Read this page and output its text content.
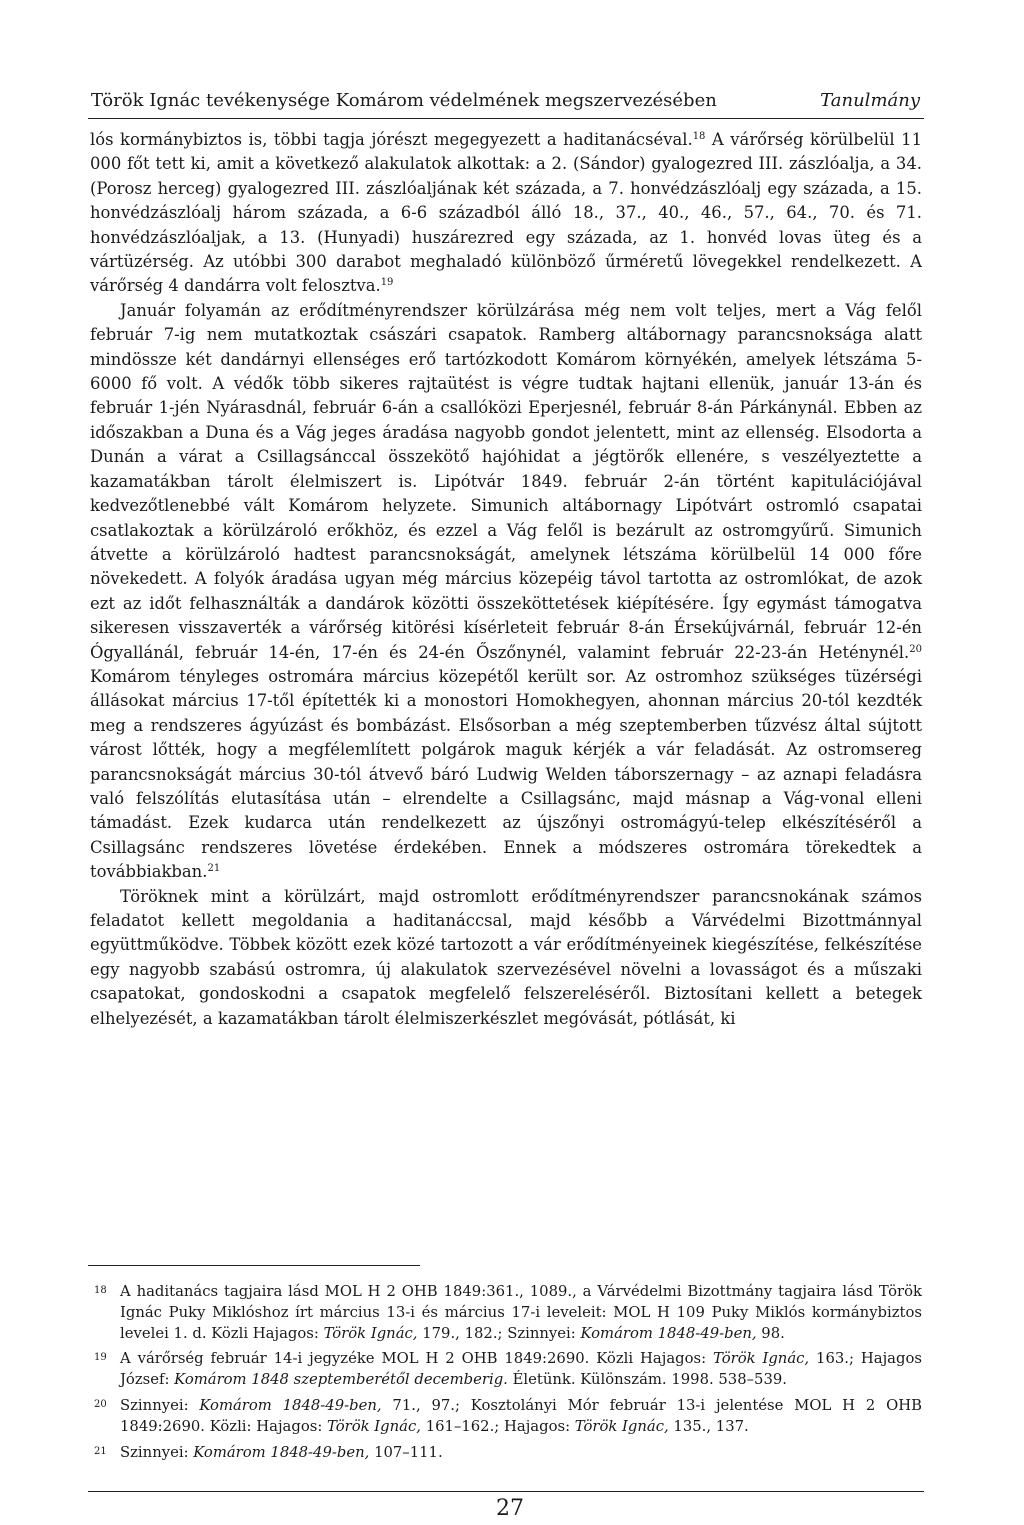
Török Ignác tevékenysége Komárom védelmének megszervezésében	Tanulmány

lós kormánybiztos is, többi tagja jórészt megegyezett a haditanácséval.$^{18}$ A várőrség körülbelül 11 000 főt tett ki, amit a következő alakulatok alkottak: a 2. (Sándor) gyalogezred III. zászlóalja, a 34. (Porosz herceg) gyalogezred III. zászlóaljának két százada, a 7. honvédzászlóalj egy százada, a 15. honvédzászlóalj három százada, a 6-6 századból álló 18., 37., 40., 46., 57., 64., 70. és 71. honvédzászlóaljak, a 13. (Hunyadi) huszárezred egy százada, az 1. honvéd lovas üteg és a vártüzérség. Az utóbbi 300 darabot meghaladó különböző űrméretű lövegekkel rendelkezett. A várőrség 4 dandárra volt felosztva.$^{19}$

Január folyamán az erődítményrendszer körülzárása még nem volt teljes, mert a Vág felől február 7-ig nem mutatkoztak császári csapatok. Ramberg altábornagy parancsnoksága alatt mindössze két dandárnyi ellenséges erő tartózkodott Komárom környékén, amelyek létszáma 5-6000 fő volt. A védők több sikeres rajtaütést is végre tudtak hajtani ellenük, január 13-án és február 1-jén Nyárasdnál, február 6-án a csallóközi Eperjesnél, február 8-án Párkánynál. Ebben az időszakban a Duna és a Vág jeges áradása nagyobb gondot jelentett, mint az ellenség. Elsodorta a Dunán a várat a Csillagsánccal összekötő hajóhidat a jégtörők ellenére, s veszélyeztette a kazamatákban tárolt élelmiszert is. Lipótvár 1849. február 2-án történt kapitulációjával kedvezőtlenebbé vált Komárom helyzete. Simunich altábornagy Lipótvárt ostromló csapatai csatlakoztak a körülzároló erőkhöz, és ezzel a Vág felől is bezárult az ostromgyűrű. Simunich átvette a körülzároló hadtest parancsnokságát, amelynek létszáma körülbelül 14 000 főre növekedett. A folyók áradása ugyan még március közepéig távol tartotta az ostromlókat, de azok ezt az időt felhasználták a dandárok közötti összeköttetések kiépítésére. Így egymást támogatva sikeresen visszaverték a várőrség kitörési kísérleteit február 8-án Érsekújvárnál, február 12-én Ógyallánál, február 14-én, 17-én és 24-én Őszőnynél, valamint február 22-23-án Heténynél.$^{20}$ Komárom tényleges ostromára március közepétől került sor. Az ostromhoz szükséges tüzérségi állásokat március 17-től építették ki a monostori Homokhegyen, ahonnan március 20-tól kezdték meg a rendszeres ágyúzást és bombázást. Elsősorban a még szeptemberben tűzvész által sújtott várost lőtték, hogy a megfélemlített polgárok maguk kérjék a vár feladását. Az ostromsereg parancsnokságát március 30-tól átvevő báró Ludwig Welden táborszernagy – az aznapi feladásra való felszólítás elutasítása után – elrendelte a Csillagsánc, majd másnap a Vág-vonal elleni támadást. Ezek kudarca után rendelkezett az újszőnyi ostromágyú-telep elkészítéséről a Csillagsánc rendszeres lövetése érdekében. Ennek a módszeres ostromára törekedtek a továbbiakban.$^{21}$

Töröknek mint a körülzárt, majd ostromlott erődítményrendszer parancsnokának számos feladatot kellett megoldania a haditanáccsal, majd később a Várvédelmi Bizottmánnyal együttműködve. Többek között ezek közé tartozott a vár erődítményeinek kiegészítése, felkészítése egy nagyobb szabású ostromra, új alakulatok szervezésével növelni a lovasságot és a műszaki csapatokat, gondoskodni a csapatok megfelelő felszereléséről. Biztosítani kellett a betegek elhelyezését, a kazamatákban tárolt élelmiszerkészlet megóvását, pótlását, ki

18 A haditanács tagjaira lásd MOL H 2 OHB 1849:361., 1089., a Várvédelmi Bizottmány tagjaira lásd Török Ignác Puky Miklóshoz írt március 13-i és március 17-i leveleit: MOL H 109 Puky Miklós kormánybiztos levelei 1. d. Közli Hajagos: Török Ignác, 179., 182.; Szinnyei: Komárom 1848-49-ben, 98.
19 A várőrség február 14-i jegyzéke MOL H 2 OHB 1849:2690. Közli Hajagos: Török Ignác, 163.; Hajagos József: Komárom 1848 szeptemberétől decemberig. Életünk. Különszám. 1998. 538–539.
20 Szinnyei: Komárom 1848-49-ben, 71., 97.; Kosztolányi Mór február 13-i jelentése MOL H 2 OHB 1849:2690. Közli: Hajagos: Török Ignác, 161–162.; Hajagos: Török Ignác, 135., 137.
21 Szinnyei: Komárom 1848-49-ben, 107–111.
27
